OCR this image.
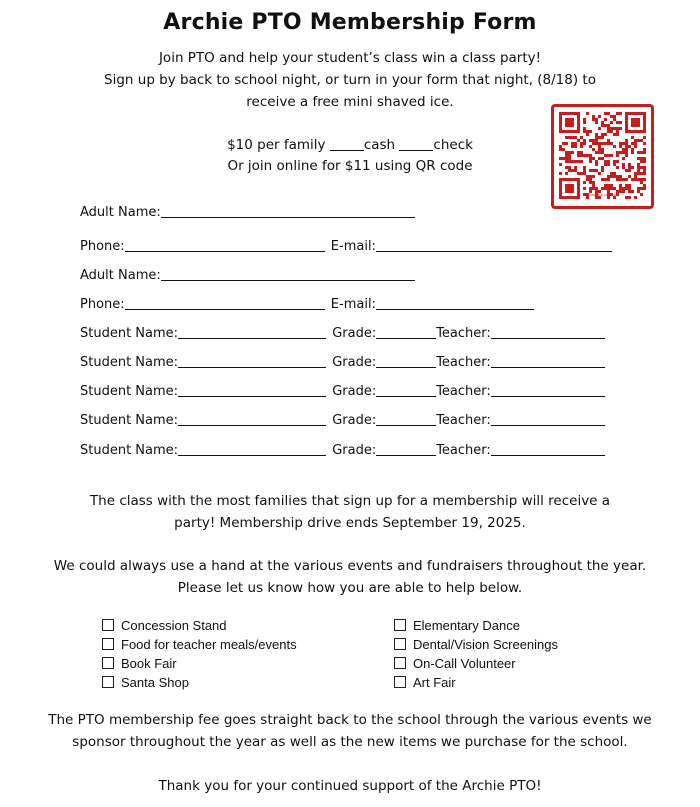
Archie PTO Membership Form
Join PTO and help your student’s class win a class party!
Sign up by back to school night, or turn in your form that night, (8/18) to
receive a free mini shaved ice.
$10 per family	cash	check
Or join online for $11 using QR code
PRINTABLE QR CODE
Adult Name:
Phone:	E-mail:
Adult Name:
Phone:	E-mail:
Student Name:	Grade:	Teacher:
Student Name:	Grade:	Teacher:
Student Name:	Grade:	Teacher:
Student Name:	Grade:	Teacher:
Student Name:	Grade:	Teacher:
The class with the most families that sign up for a membership will receive a
party! Membership drive ends September 19, 2025.
We could always use a hand at the various events and fundraisers throughout the year.
Please let us know how you are able to help below.
Concession Stand
Food for teacher meals/events
Book Fair
Santa Shop
Elementary Dance
Dental/Vision Screenings
On-Call Volunteer
Art Fair
The PTO membership fee goes straight back to the school through the various events we
sponsor throughout the year as well as the new items we purchase for the school.
Thank you for your continued support of the Archie PTO!
